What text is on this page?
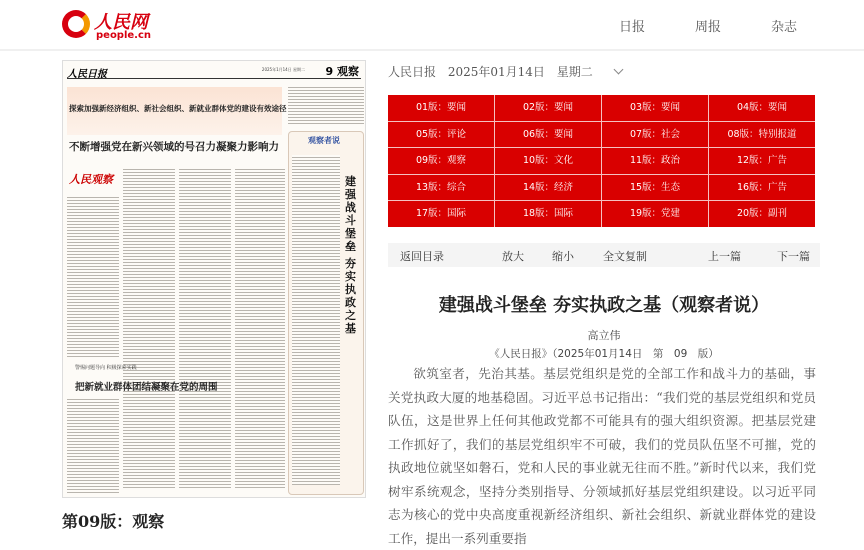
人民网
people.cn
日报	周报	杂志
人民日报	2025年1月14日 星期二 9 观察
探索加强新经济组织、新社会组织、新就业群体党的建设有效途径
不断增强党在新兴领域的号召力凝聚力影响力
人民观察
观察者说
建强战斗堡垒
夯实执政之基
警惕问题导向 积极探索实践
把新就业群体团结凝聚在党的周围
第09版：观察
人民日报 2025年01月14日 星期二
01版：要闻	02版：要闻	03版：要闻	04版：要闻
05版：评论	06版：要闻	07版：社会	08版：特别报道
09版：观察	10版：文化	11版：政治	12版：广告
13版：综合	14版：经济	15版：生态	16版：广告
17版：国际	18版：国际	19版：党建	20版：副刊
返回目录	放大	缩小	全文复制	上一篇	下一篇
建强战斗堡垒 夯实执政之基（观察者说）
高立伟
《人民日报》（2025年01月14日　第　09　版）
欲筑室者，先治其基。基层党组织是党的全部工作和战斗力的基础，事关党执政大厦的地基稳固。习近平总书记指出：“我们党的基层党组织和党员队伍，这是世界上任何其他政党都不可能具有的强大组织资源。把基层党建工作抓好了，我们的基层党组织牢不可破，我们的党员队伍坚不可摧，党的执政地位就坚如磐石，党和人民的事业就无往而不胜。”新时代以来，我们党树牢系统观念，坚持分类别指导、分领域抓好基层党组织建设。以习近平同志为核心的党中央高度重视新经济组织、新社会组织、新就业群体党的建设工作，提出一系列重要指
